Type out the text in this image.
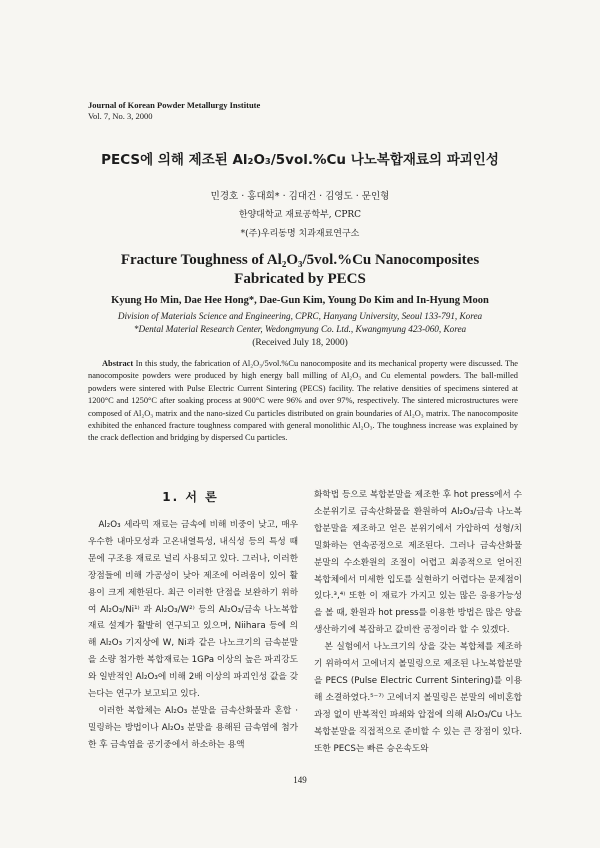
Journal of Korean Powder Metallurgy Institute
Vol. 7, No. 3, 2000
PECS에 의해 제조된 Al₂O₃/5vol.%Cu 나노복합재료의 파괴인성
민경호 · 홍대희* · 김대건 · 김영도 · 문인형
한양대학교 재료공학부, CPRC
*(주)우리동명 치과재료연구소
Fracture Toughness of Al₂O₃/5vol.%Cu Nanocomposites
Fabricated by PECS
Kyung Ho Min, Dae Hee Hong*, Dae-Gun Kim, Young Do Kim and In-Hyung Moon
Division of Materials Science and Engineering, CPRC, Hanyang University, Seoul 133-791, Korea
*Dental Material Research Center, Wedongmyung Co. Ltd., Kwangmyung 423-060, Korea
(Received July 18, 2000)
Abstract In this study, the fabrication of Al₂O₃/5vol.%Cu nanocomposite and its mechanical property were discussed. The nanocomposite powders were produced by high energy ball milling of Al₂O₃ and Cu elemental powders. The ball-milled powders were sintered with Pulse Electric Current Sintering (PECS) facility. The relative densities of specimens sintered at 1200°C and 1250°C after soaking process at 900°C were 96% and over 97%, respectively. The sintered microstructures were composed of Al₂O₃ matrix and the nano-sized Cu particles distributed on grain boundaries of Al₂O₃ matrix. The nanocomposite exhibited the enhanced fracture toughness compared with general monolithic Al₂O₃. The toughness increase was explained by the crack deflection and bridging by dispersed Cu particles.
1. 서 론

Al₂O₃ 세라믹 재료는 금속에 비해 비중이 낮고, 매우 우수한 내마모성과 고온내열특성, 내식성 등의 특성 때문에 구조용 재료로 널리 사용되고 있다. 그러나, 이러한 장점들에 비해 가공성이 낮아 제조에 어려움이 있어 활용이 크게 제한된다. 최근 이러한 단점을 보완하기 위하여 Al₂O₃/Ni¹⁾ 과 Al₂O₃/W²⁾ 등의 Al₂O₃/금속 나노복합재료 설계가 활발히 연구되고 있으며, Niihara 등에 의해 Al₂O₃ 기지상에 W, Ni과 같은 나노크기의 금속분말을 소량 첨가한 복합재료는 1GPa 이상의 높은 파괴강도와 일반적인 Al₂O₃에 비해 2배 이상의 파괴인성 값을 갖는다는 연구가 보고되고 있다.

이러한 복합체는 Al₂O₃ 분말을 금속산화물과 혼합 · 밀링하는 방법이나 Al₂O₃ 분말을 용해된 금속염에 첨가한 후 금속염을 공기중에서 하소하는 용액

화학법 등으로 복합분말을 제조한 후 hot press에서 수소분위기로 금속산화물을 환원하여 Al₂O₃/금속 나노복합분말을 제조하고 얻은 분위기에서 가압하여 성형/치밀화하는 연속공정으로 제조된다. 그러나 금속산화물 분말의 수소환원의 조절이 어렵고 최종적으로 얻어진 복합체에서 미세한 입도를 실현하기 어렵다는 문제점이 있다.³,⁴⁾ 또한 이 재료가 가지고 있는 많은 응용가능성을 볼 때, 환원과 hot press를 이용한 방법은 많은 양을 생산하기에 복잡하고 값비싼 공정이라 할 수 있겠다.

본 실험에서 나노크기의 상을 갖는 복합체를 제조하기 위하여서 고에너지 볼밀링으로 제조된 나노복합분말을 PECS (Pulse Electric Current Sintering)를 이용해 소결하였다.⁵⁻⁷⁾ 고에너지 볼밀링은 분말의 에비혼합과정 없이 반복적인 파쇄와 압접에 의해 Al₂O₃/Cu 나노복합분말을 직접적으로 준비할 수 있는 큰 장점이 있다. 또한 PECS는 빠른 승온속도와

149
